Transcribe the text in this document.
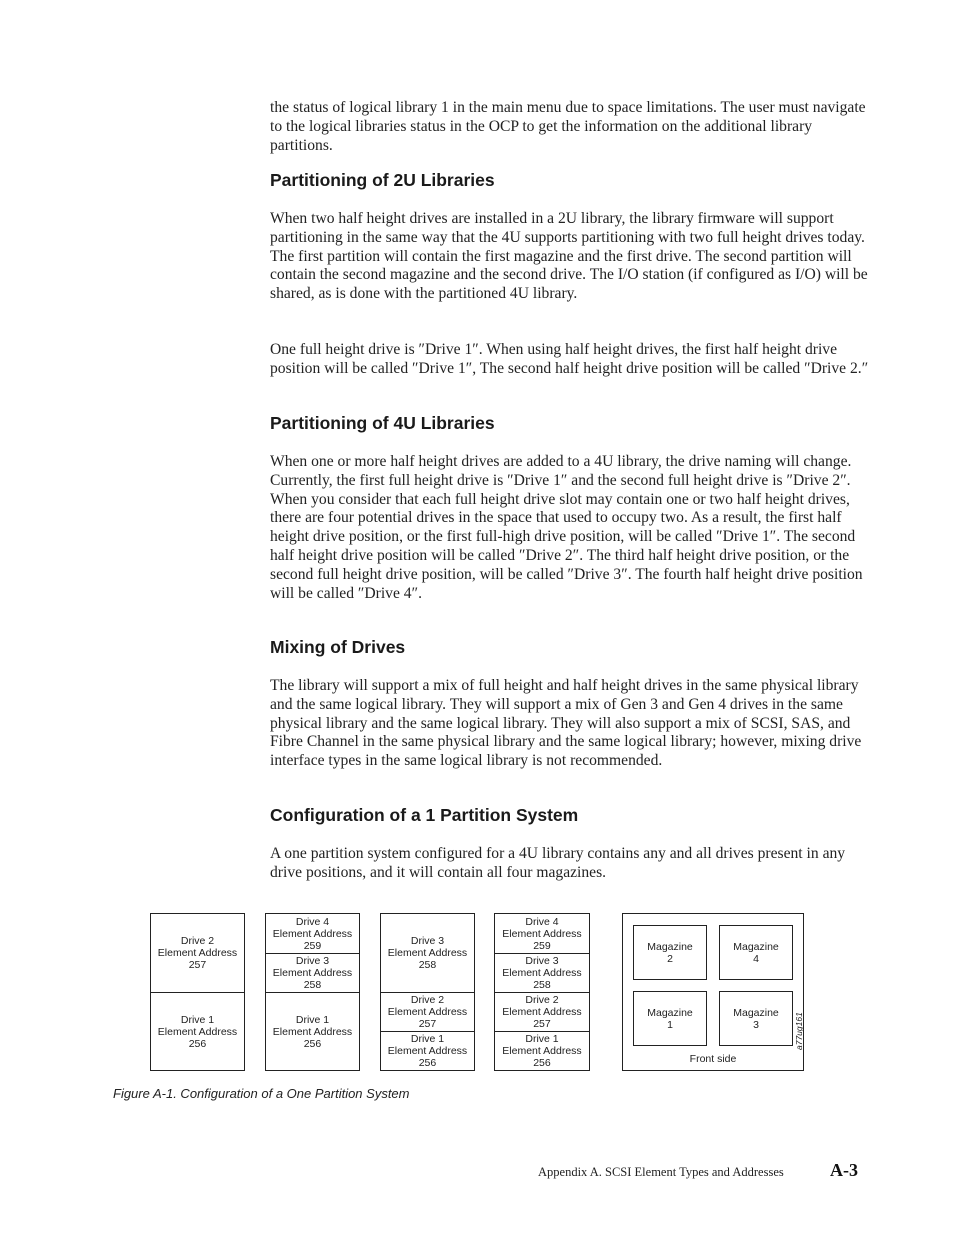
the status of logical library 1 in the main menu due to space limitations. The user must navigate to the logical libraries status in the OCP to get the information on the additional library partitions.
Partitioning of 2U Libraries
When two half height drives are installed in a 2U library, the library firmware will support partitioning in the same way that the 4U supports partitioning with two full height drives today. The first partition will contain the first magazine and the first drive. The second partition will contain the second magazine and the second drive. The I/O station (if configured as I/O) will be shared, as is done with the partitioned 4U library.
One full height drive is ″Drive 1″. When using half height drives, the first half height drive position will be called ″Drive 1″, The second half height drive position will be called ″Drive 2.″
Partitioning of 4U Libraries
When one or more half height drives are added to a 4U library, the drive naming will change. Currently, the first full height drive is ″Drive 1″ and the second full height drive is ″Drive 2″. When you consider that each full height drive slot may contain one or two half height drives, there are four potential drives in the space that used to occupy two. As a result, the first half height drive position, or the first full-high drive position, will be called ″Drive 1″. The second half height drive position will be called ″Drive 2″. The third half height drive position, or the second full height drive position, will be called ″Drive 3″. The fourth half height drive position will be called ″Drive 4″.
Mixing of Drives
The library will support a mix of full height and half height drives in the same physical library and the same logical library. They will support a mix of Gen 3 and Gen 4 drives in the same physical library and the same logical library. They will also support a mix of SCSI, SAS, and Fibre Channel in the same physical library and the same logical library; however, mixing drive interface types in the same logical library is not recommended.
Configuration of a 1 Partition System
A one partition system configured for a 4U library contains any and all drives present in any drive positions, and it will contain all four magazines.
Drive 2
Element Address
257
Drive 1
Element Address
256
Drive 4
Element Address
259
Drive 3
Element Address
258
Drive 1
Element Address
256
Drive 3
Element Address
258
Drive 2
Element Address
257
Drive 1
Element Address
256
Drive 4
Element Address
259
Drive 3
Element Address
258
Drive 2
Element Address
257
Drive 1
Element Address
256
Magazine
2
Magazine
4
Magazine
1
Magazine
3
Front side
a77ug161
Figure A-1. Configuration of a One Partition System
Appendix A. SCSI Element Types and Addresses	A-3
